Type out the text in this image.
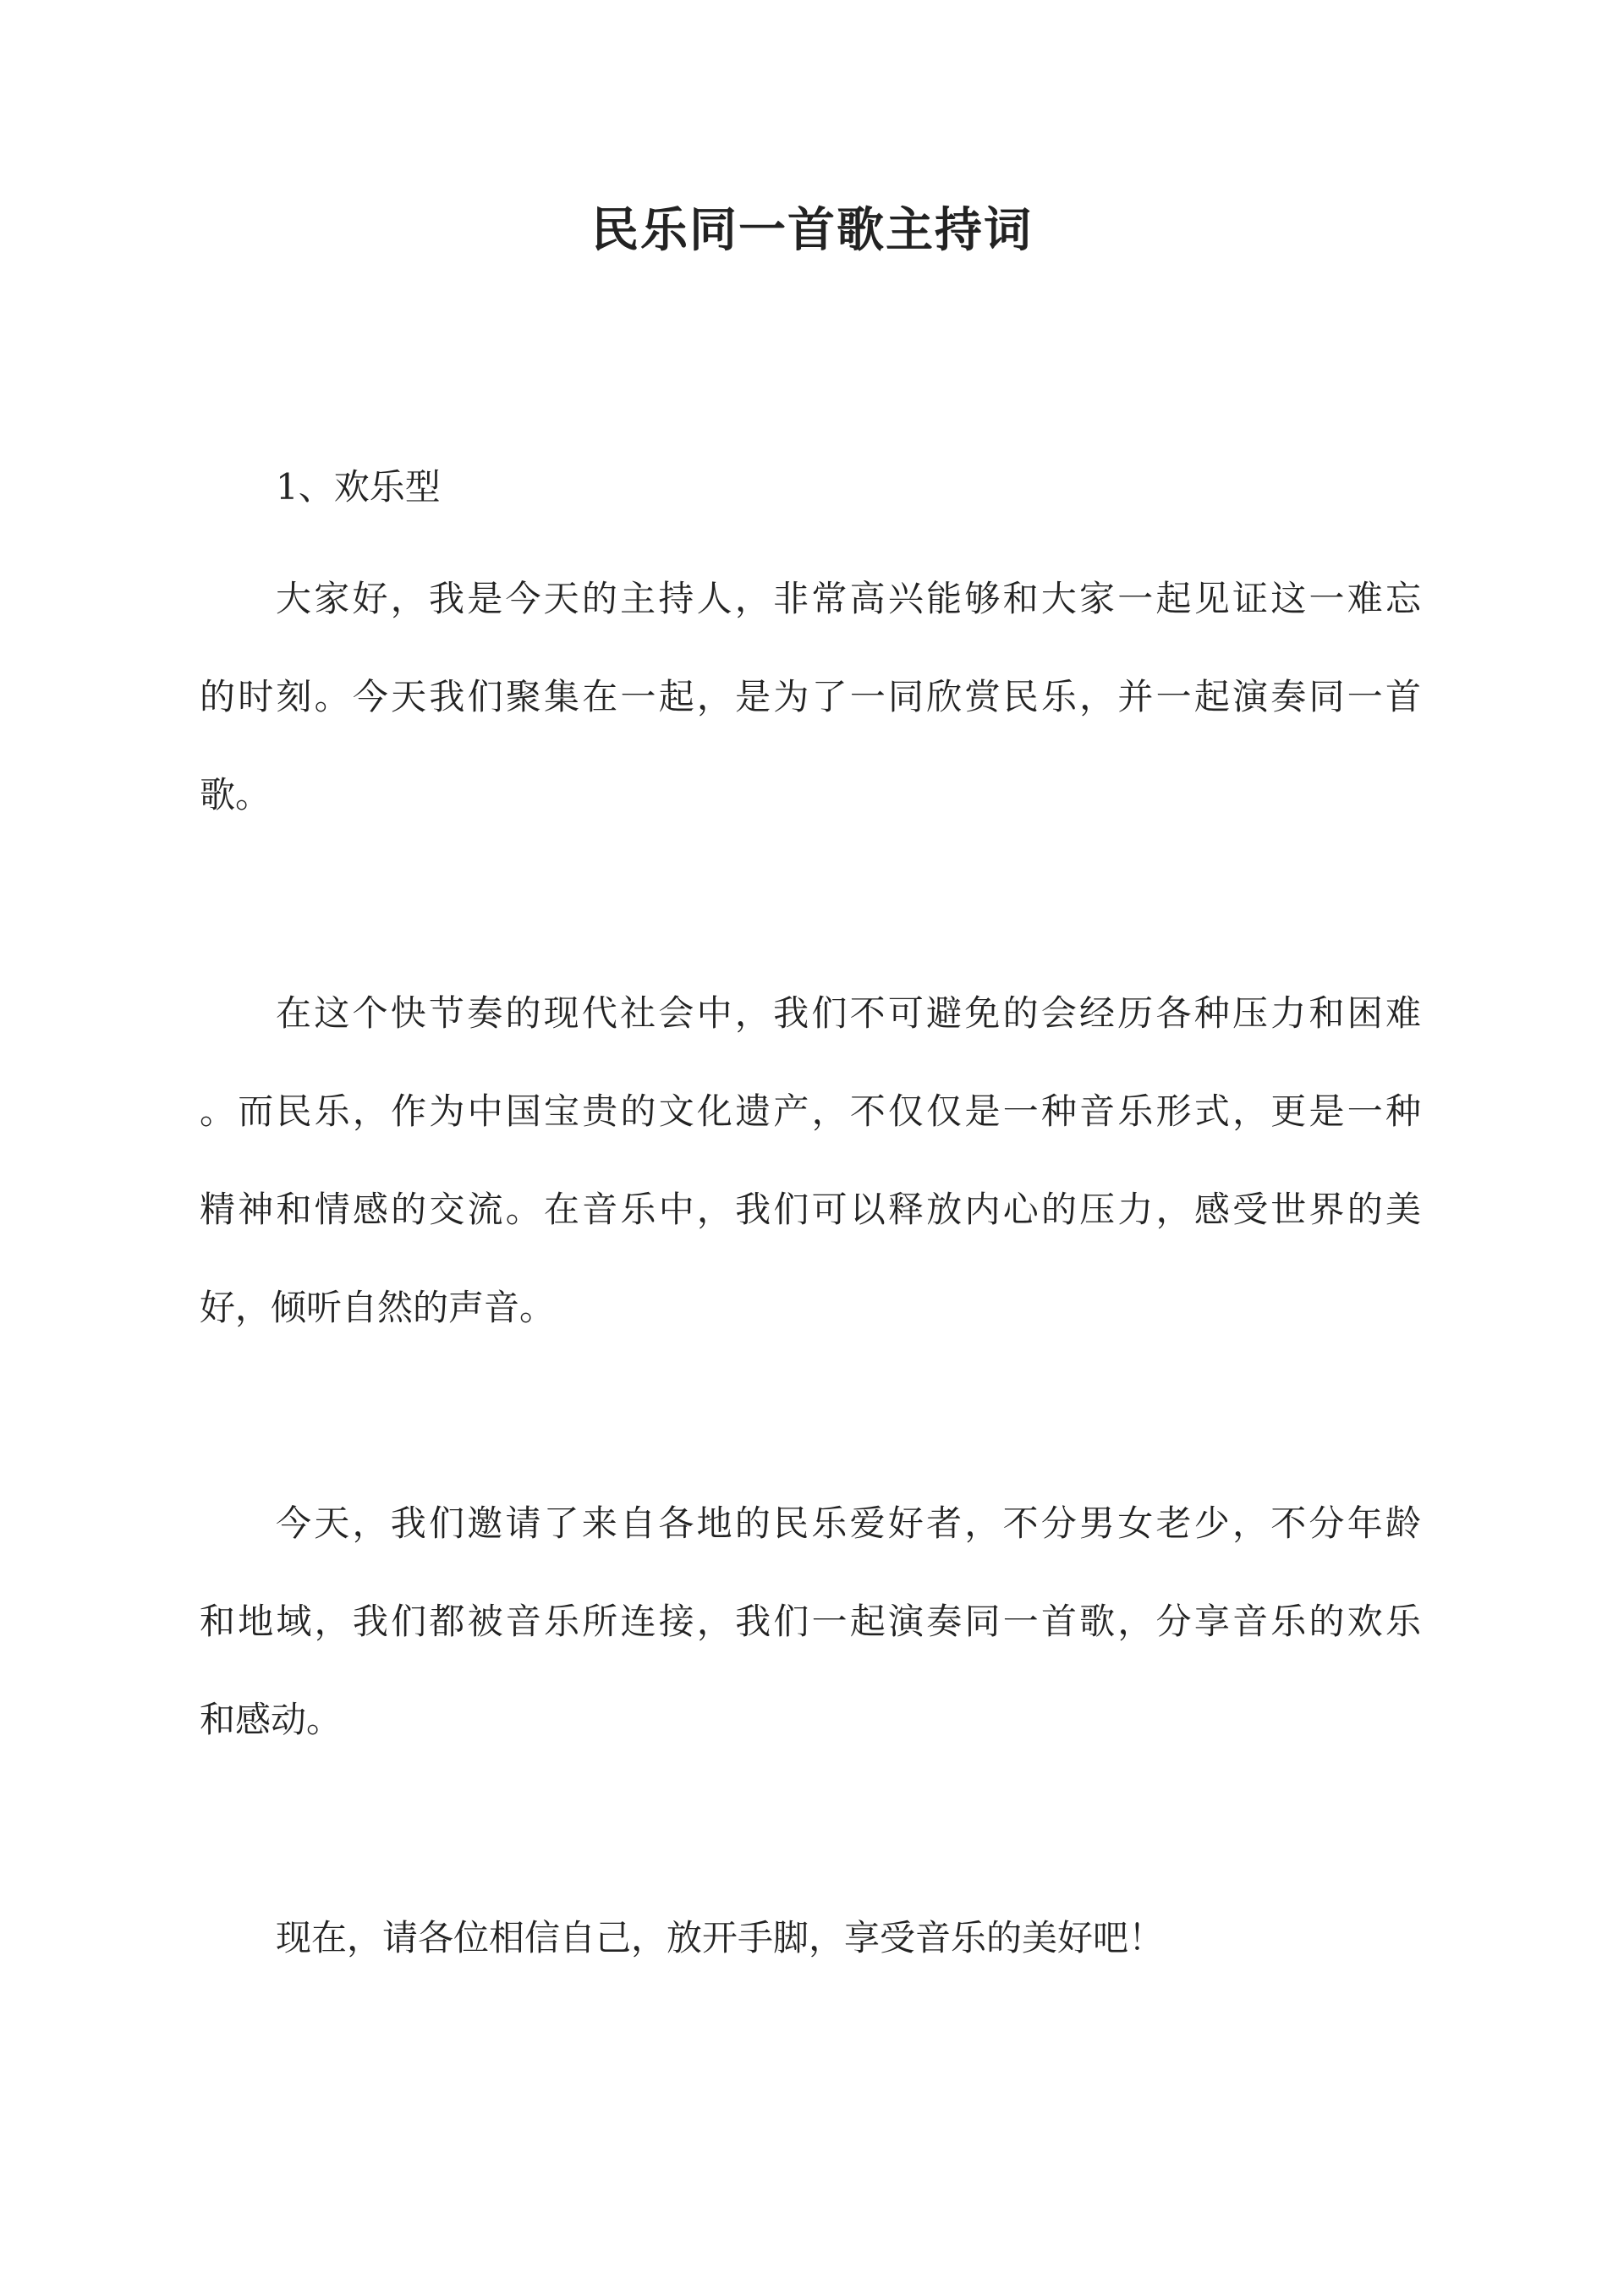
民乐同一首歌主持词
1、欢乐型
大家好，我是今天的主持人，非常高兴能够和大家一起见证这一难忘
的时刻。今天我们聚集在一起，是为了一同欣赏民乐，并一起演奏同一首
歌。
在这个快节奏的现代社会中，我们不可避免的会经历各种压力和困难
。而民乐，作为中国宝贵的文化遗产，不仅仅是一种音乐形式，更是一种
精神和情感的交流。在音乐中，我们可以释放内心的压力，感受世界的美
好，倾听自然的声音。
今天，我们邀请了来自各地的民乐爱好者，不分男女老少，不分年龄
和地域，我们都被音乐所连接，我们一起演奏同一首歌，分享音乐的欢乐
和感动。
现在，请各位相信自己，放开手脚，享受音乐的美好吧！
